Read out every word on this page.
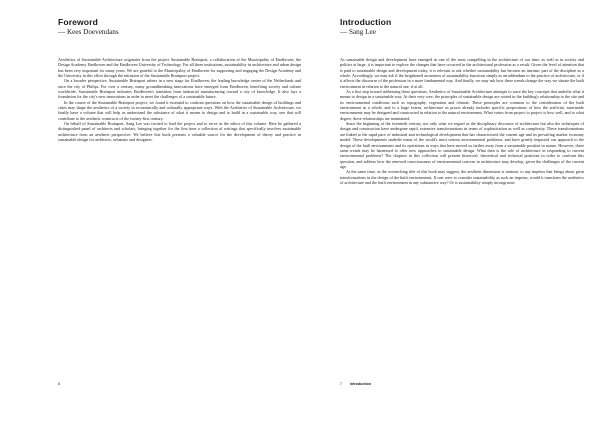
Foreword
— Kees Doevendans

Aesthetics of Sustainable Architecture originates from the project Sustainable Brainport, a collaboration of the Municipality of Eindhoven, the Design Academy Eindhoven and the Eindhoven University of Technology. For all three institutions, sustainability in architecture and urban design has been very important for many years. We are grateful to the Municipality of Eindhoven for supporting and engaging the Design Academy and the University in this effort through the initiation of the Sustainable Brainport project.

On a broader perspective, Sustainable Brainport ushers in a new stage for Eindhoven, the leading knowledge center of the Netherlands and once the city of Philips. For over a century, many groundbreaking innovations have emerged from Eindhoven, benefiting society and culture worldwide. Sustainable Brainport indicates Eindhoven's transition from industrial manufacturing toward a city of knowledge. It also lays a foundation for the city's new innovations in order to meet the challenges of a sustainable future.

In the course of the Sustainable Brainport project, we found it essential to confront questions on how the sustainable design of buildings and cities may shape the aesthetics of a society in economically and culturally appropriate ways. With the Aesthetics of Sustainable Architecture, we finally have a volume that will help us understand the substance of what it means to design and to build in a sustainable way, one that will contribute to the aesthetic constructs of the twenty-first century.

On behalf of Sustainable Brainport, Sang Lee was invited to lead the project and to serve as the editor of this volume. Here he gathered a distinguished panel of architects and scholars, bringing together for the first time a collection of writings that specifically involves sustainable architecture from an aesthetic perspective. We believe this book presents a valuable source for the development of theory and practice in sustainable design for architects, urbanists and designers.

6
Introduction
— Sang Lee

As sustainable design and development have emerged as one of the most compelling in the architecture of our time, as well as in society and politics at large, it is important to explore the changes that have occurred in the architectural profession as a result. Given the level of attention that is paid to sustainable design and development today, it is relevant to ask whether sustainability has become an intrinsic part of the discipline as a whole. Accordingly, we may ask if the heightened awareness of sustainability functions simply as an addendum to the practice of architecture, or if it affects the discourse of the profession in a more fundamental way. And finally, we may ask how these trends change the way we situate the built environment in relation to the natural one, if at all.

As a first step toward addressing these questions, Aesthetics of Sustainable Architecture attempts to trace the key concepts that underlie what it means to design in a sustainable way. At their very core, the principles of sustainable design are rooted in the building's relationship to the site and its environmental conditions such as topography, vegetation and climate. These principles are common to the consideration of the built environment as a whole, and to a large extent, architecture as praxis already includes specific propositions of how the artificial, man-made environments may be designed and constructed in relation to the natural environment. What varies from project to project is how well, and to what degree, these relationships are maintained.

Since the beginning of the twentieth century, not only what we regard as the disciplinary discourse of architecture but also the techniques of design and construction have undergone rapid, extensive transformations in terms of sophistication as well as complexity. These transformations are linked to the rapid pace of industrial and technological development that has characterized the current age and its prevailing market economy model. These developments underlie many of the world's most serious environmental problems, and have greatly impacted our approach to the design of the built environments and its operations in ways that have moved us farther away from a sustainable position in nature. However, these same trends may be harnessed to offer new approaches to sustainable design. What then is the role of architecture in responding to current environmental problems? The chapters in this collection will present historical, theoretical and technical positions in order to confront this question, and address how the renewed consciousness of environmental concern in architecture may develop, given the challenges of the current age.

At the same time, as the overarching title of this book may suggest, the aesthetic dimension is intrinsic to any impetus that brings about great transformations in the design of the built environments. If one were to consider sustainability as such an impetus, would it transform the aesthetics of architecture and the built environment in any substantive way? Or is sustainability simply incongruous

7 Introduction
